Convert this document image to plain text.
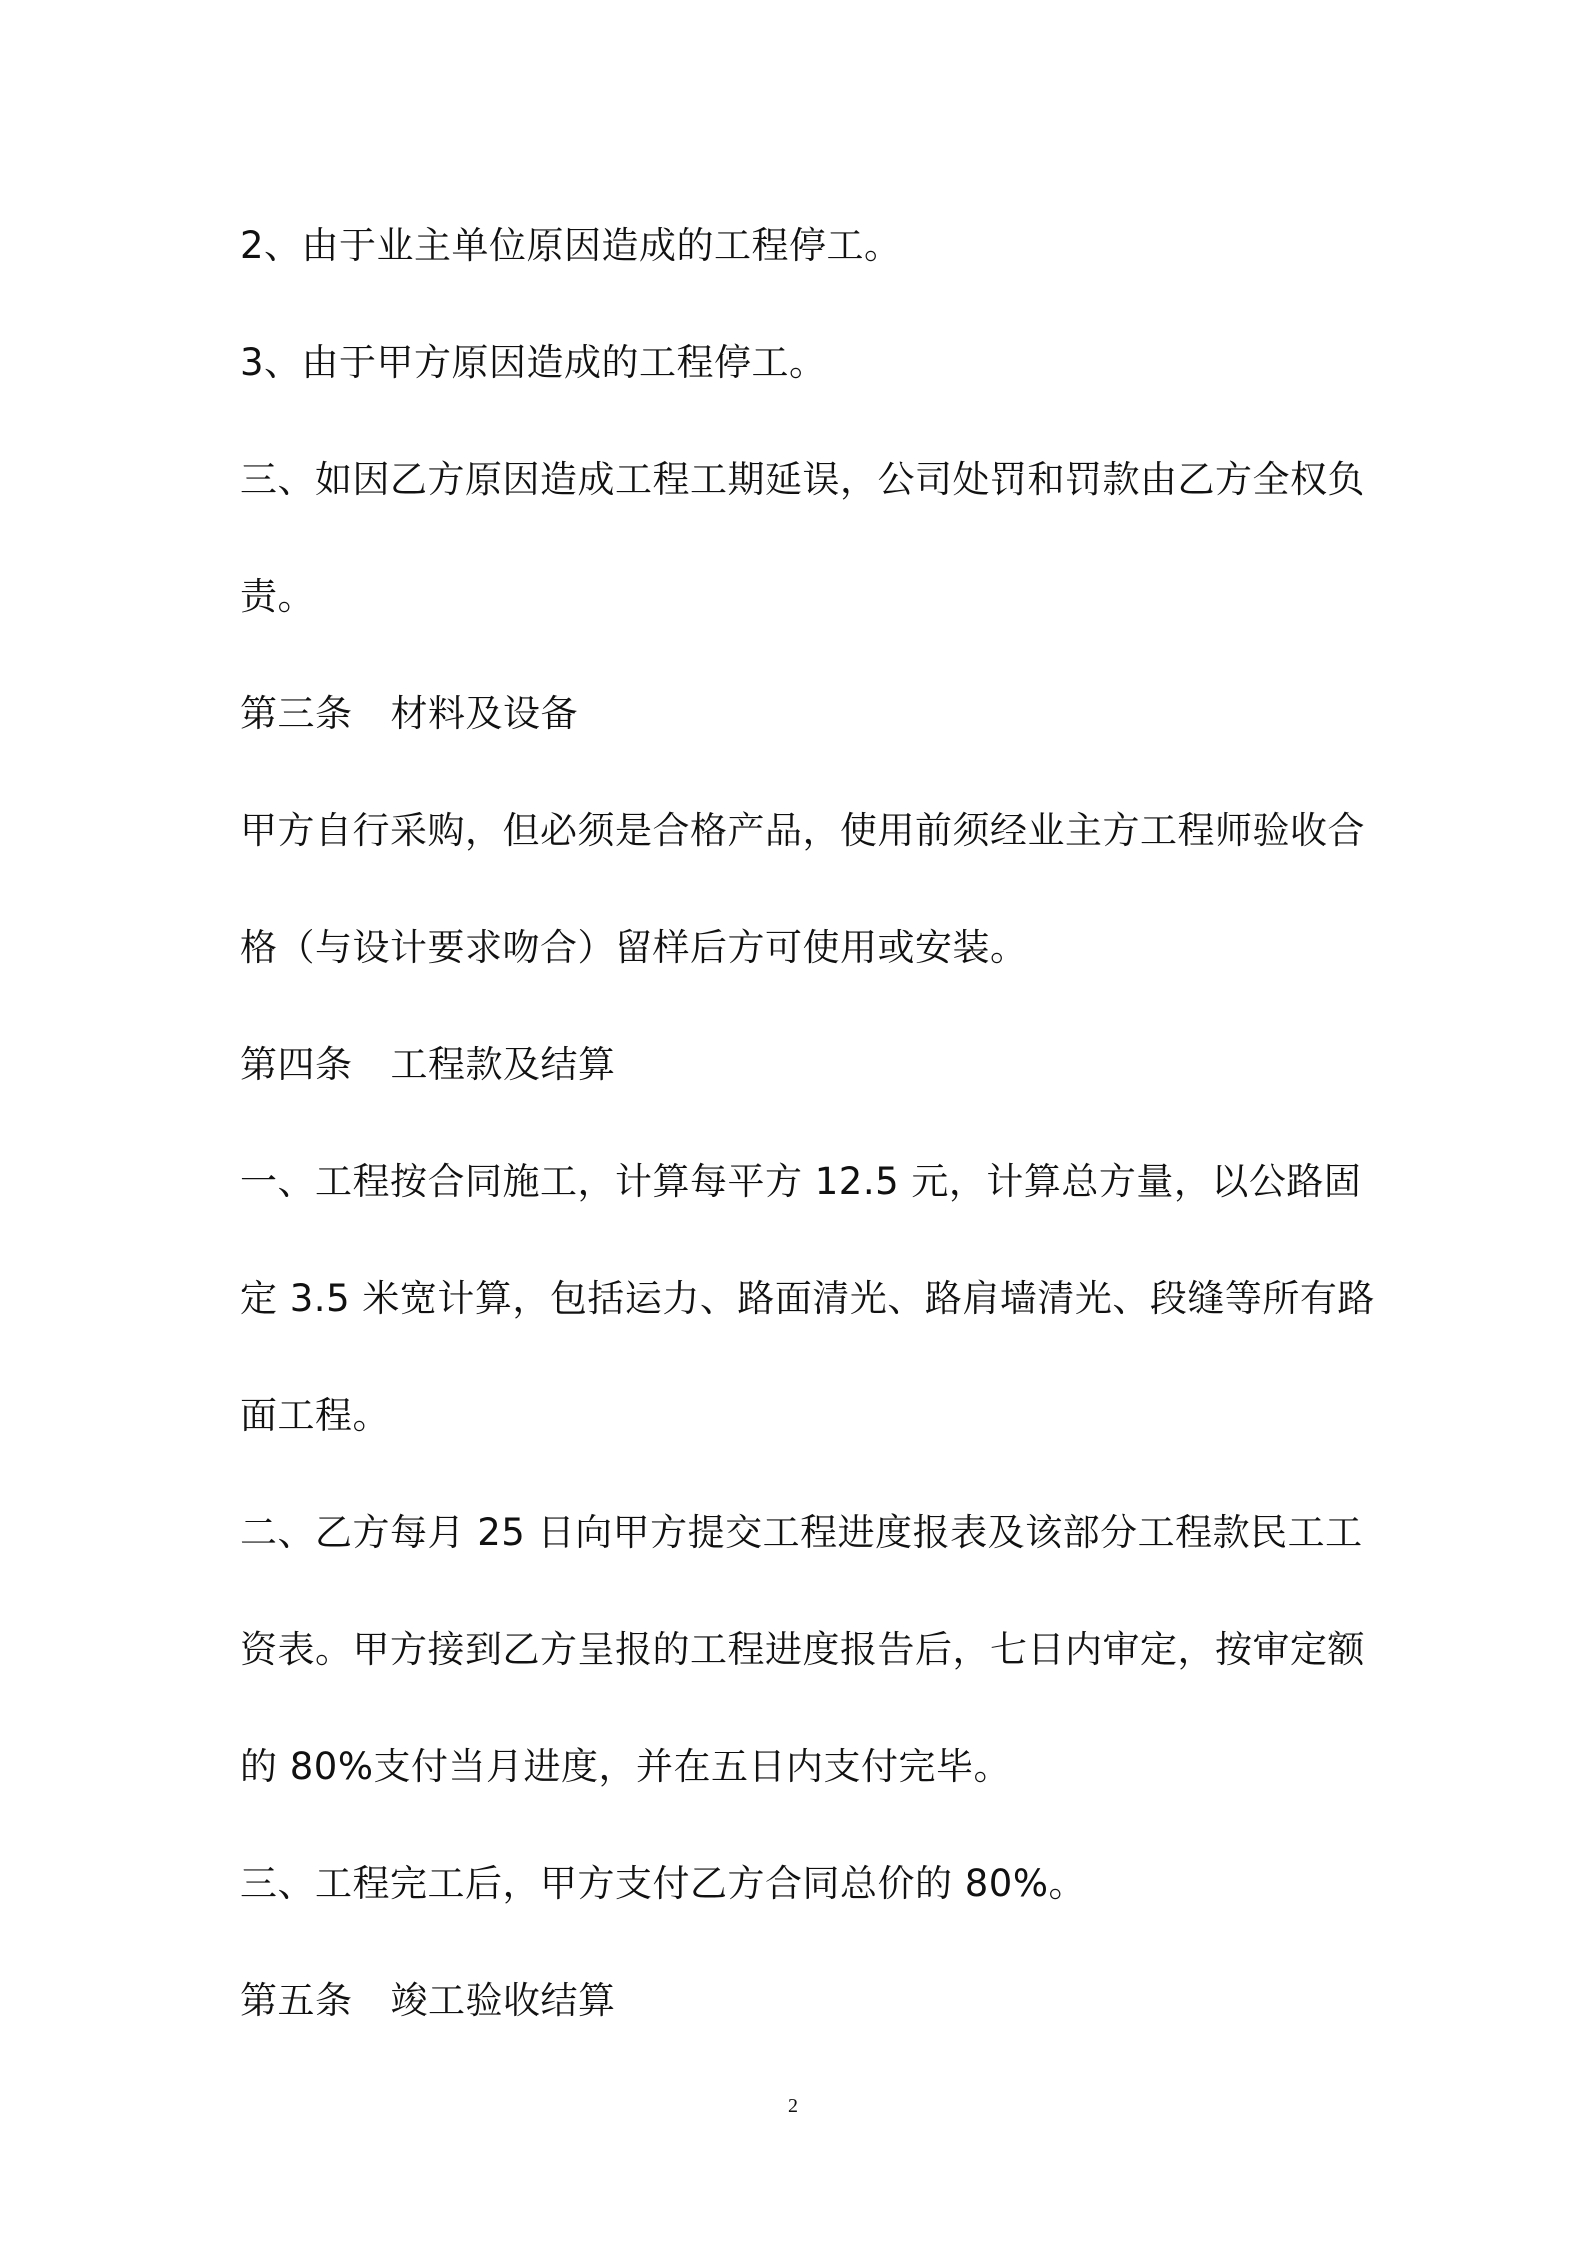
2、由于业主单位原因造成的工程停工。
3、由于甲方原因造成的工程停工。
三、如因乙方原因造成工程工期延误，公司处罚和罚款由乙方全权负
责。
第三条 材料及设备
甲方自行采购，但必须是合格产品，使用前须经业主方工程师验收合
格（与设计要求吻合）留样后方可使用或安装。
第四条 工程款及结算
一、工程按合同施工，计算每平方 12.5 元，计算总方量，以公路固
定 3.5 米宽计算，包括运力、路面清光、路肩墙清光、段缝等所有路
面工程。
二、乙方每月 25 日向甲方提交工程进度报表及该部分工程款民工工
资表。甲方接到乙方呈报的工程进度报告后，七日内审定，按审定额
的 80%支付当月进度，并在五日内支付完毕。
三、工程完工后，甲方支付乙方合同总价的 80%。
第五条 竣工验收结算
2
